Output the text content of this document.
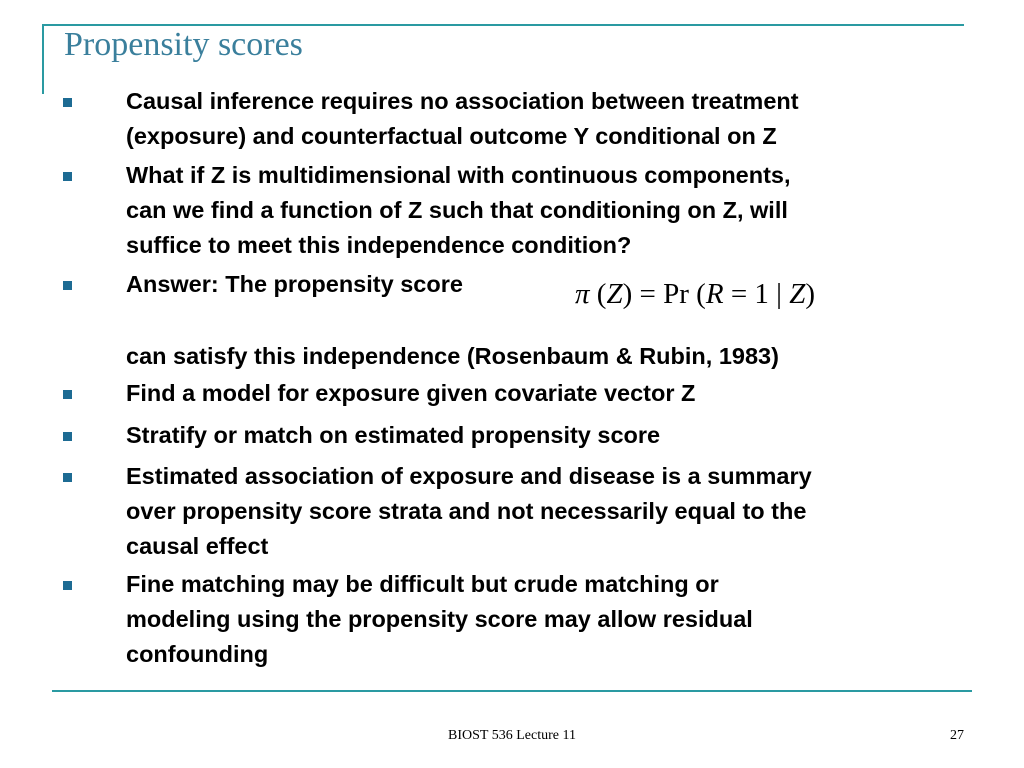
Propensity scores
Causal inference requires no association between treatment
(exposure) and counterfactual outcome Y conditional on Z
What if Z is multidimensional with continuous components,
can we find a function of Z such that conditioning on Z, will
suffice to meet this independence condition?
Answer: The propensity score
Find a model for exposure given covariate vector Z
Stratify or match on estimated propensity score
Estimated association of exposure and disease is a summary
over propensity score strata and not necessarily equal to the
causal effect
Fine matching may be difficult but crude matching or
modeling using the propensity score may allow residual
confounding
π (Z) = Pr (R = 1 | Z)
can satisfy this independence (Rosenbaum & Rubin, 1983)
BIOST 536 Lecture 11	27
